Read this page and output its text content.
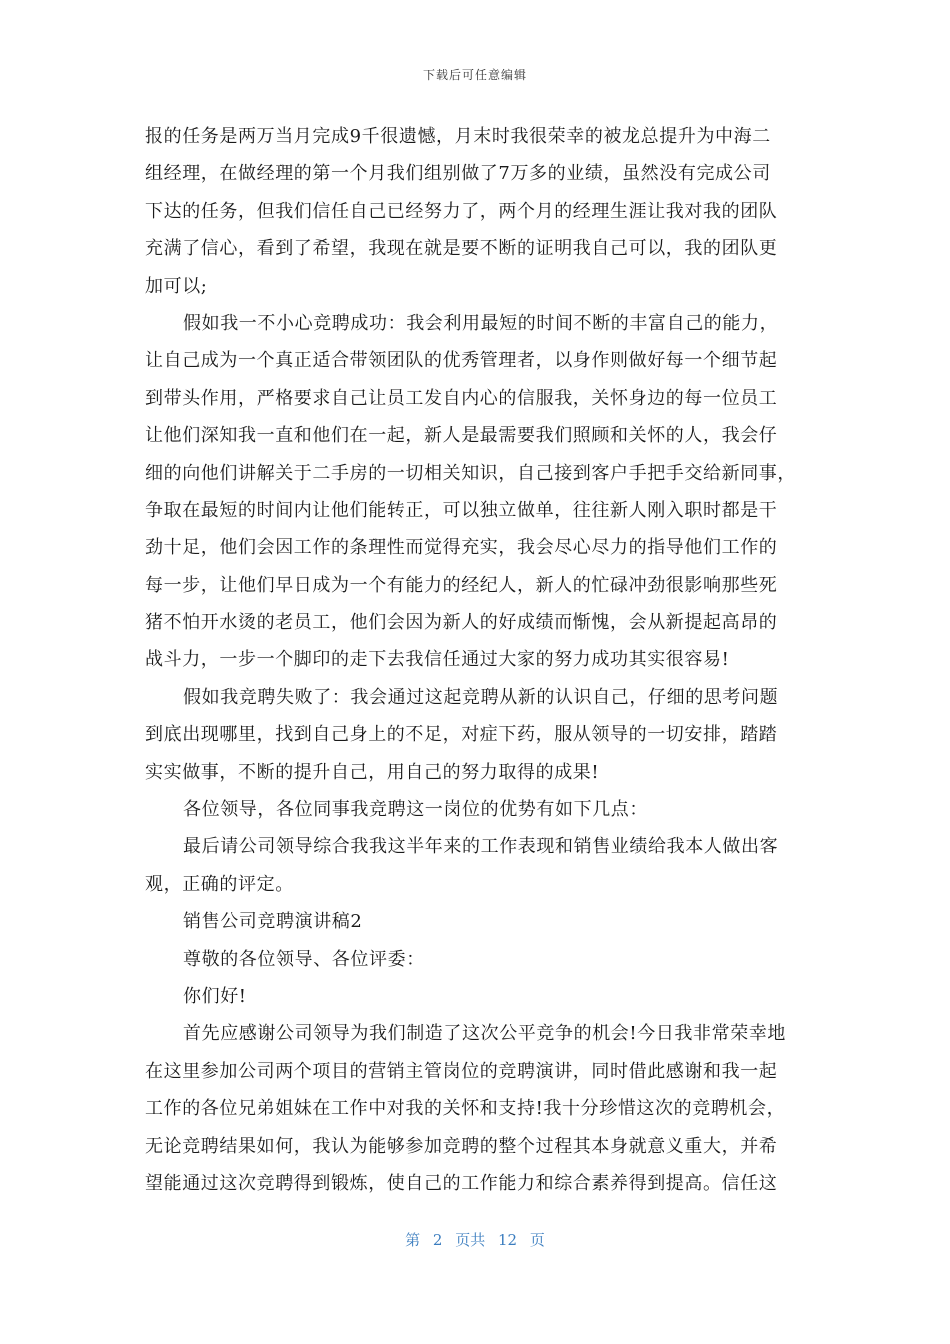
下载后可任意编辑
报的任务是两万当月完成9千很遗憾，月末时我很荣幸的被龙总提升为中海二
组经理，在做经理的第一个月我们组别做了7万多的业绩，虽然没有完成公司
下达的任务，但我们信任自己已经努力了，两个月的经理生涯让我对我的团队
充满了信心，看到了希望，我现在就是要不断的证明我自己可以，我的团队更
加可以;
假如我一不小心竞聘成功：我会利用最短的时间不断的丰富自己的能力，
让自己成为一个真正适合带领团队的优秀管理者，以身作则做好每一个细节起
到带头作用，严格要求自己让员工发自内心的信服我，关怀身边的每一位员工
让他们深知我一直和他们在一起，新人是最需要我们照顾和关怀的人，我会仔
细的向他们讲解关于二手房的一切相关知识，自己接到客户手把手交给新同事，
争取在最短的时间内让他们能转正，可以独立做单，往往新人刚入职时都是干
劲十足，他们会因工作的条理性而觉得充实，我会尽心尽力的指导他们工作的
每一步，让他们早日成为一个有能力的经纪人，新人的忙碌冲劲很影响那些死
猪不怕开水烫的老员工，他们会因为新人的好成绩而惭愧，会从新提起高昂的
战斗力，一步一个脚印的走下去我信任通过大家的努力成功其实很容易!
假如我竞聘失败了：我会通过这起竞聘从新的认识自己，仔细的思考问题
到底出现哪里，找到自己身上的不足，对症下药，服从领导的一切安排，踏踏
实实做事，不断的提升自己，用自己的努力取得的成果!
各位领导，各位同事我竞聘这一岗位的优势有如下几点：
最后请公司领导综合我我这半年来的工作表现和销售业绩给我本人做出客
观，正确的评定。
销售公司竞聘演讲稿2
尊敬的各位领导、各位评委：
你们好!
首先应感谢公司领导为我们制造了这次公平竞争的机会!今日我非常荣幸地
在这里参加公司两个项目的营销主管岗位的竞聘演讲，同时借此感谢和我一起
工作的各位兄弟姐妹在工作中对我的关怀和支持!我十分珍惜这次的竞聘机会，
无论竞聘结果如何，我认为能够参加竞聘的整个过程其本身就意义重大，并希
望能通过这次竞聘得到锻炼，使自己的工作能力和综合素养得到提高。信任这
第 2 页共 12 页
